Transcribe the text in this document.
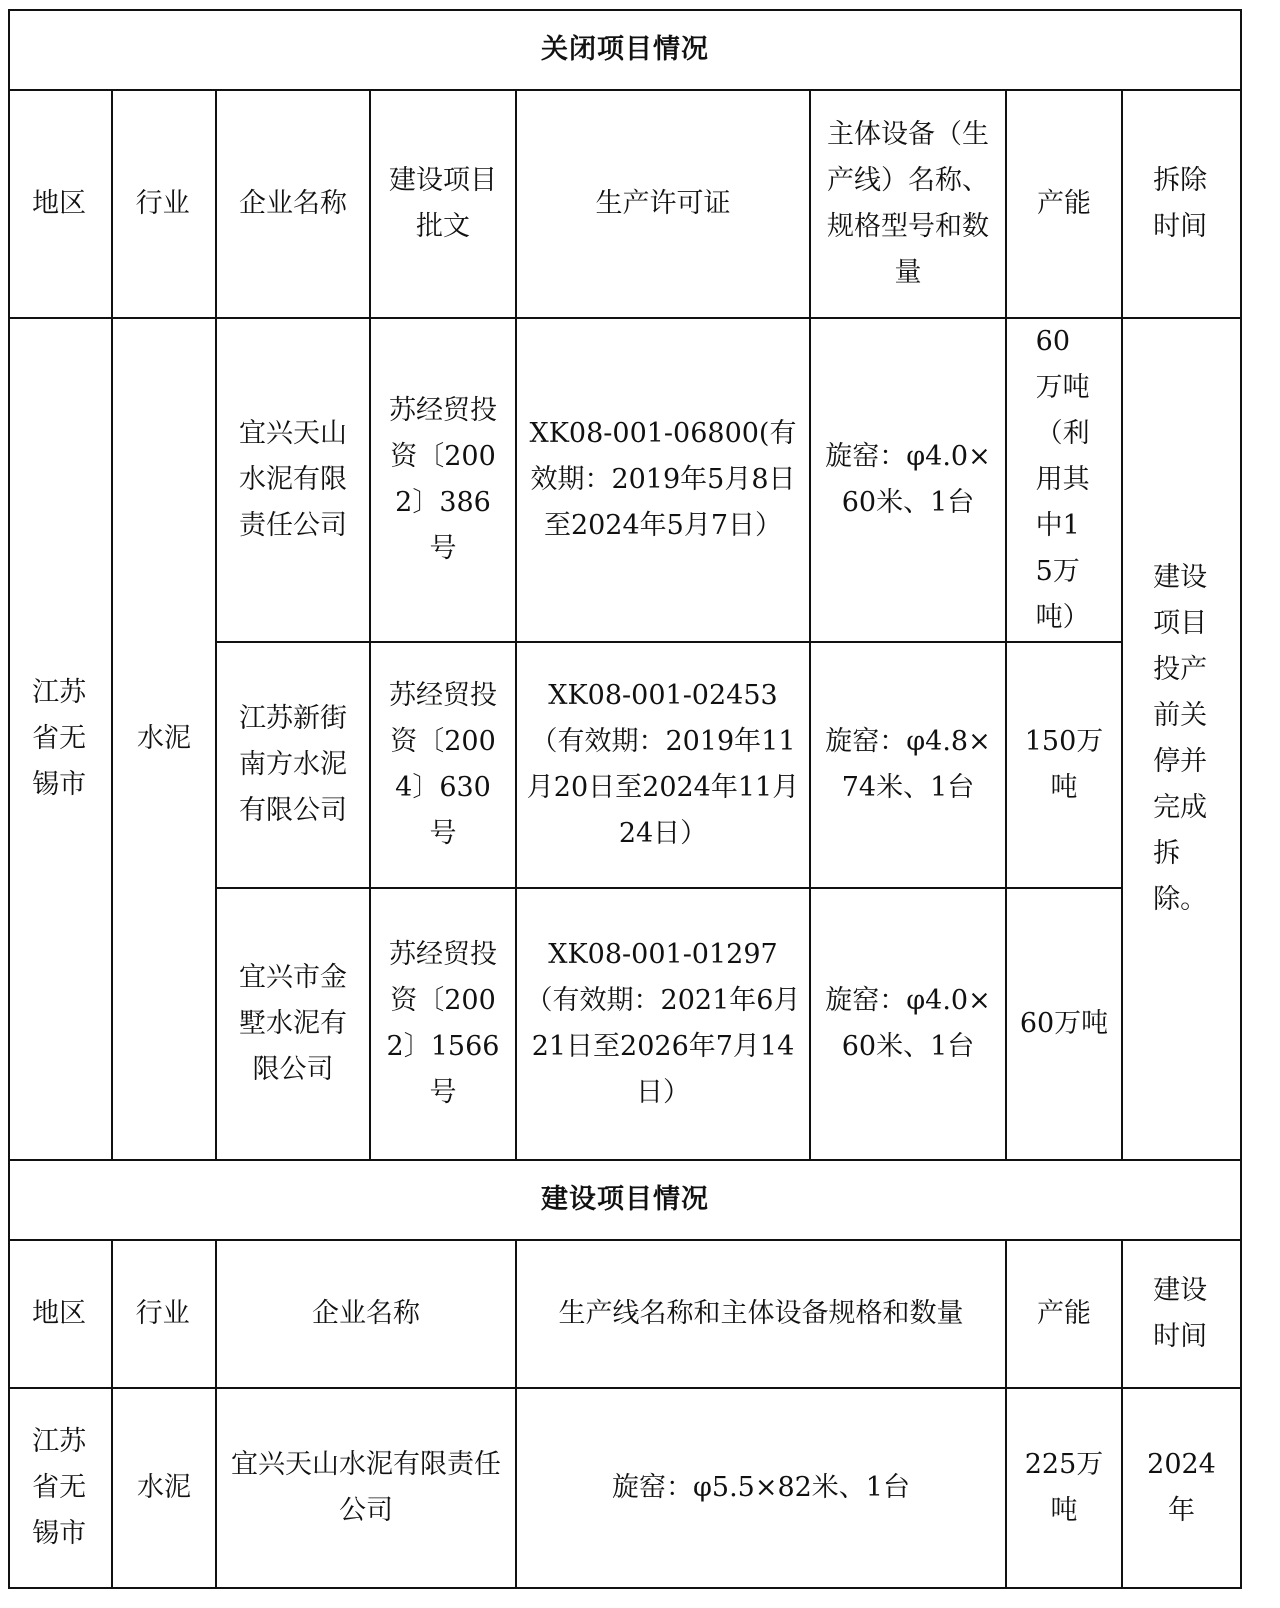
关闭项目情况							
地区	行业	企业名称	建设项目批文	生产许可证	主体设备（生产线）名称、规格型号和数量	产能	拆除时间
江苏省无锡市	水泥	宜兴天山水泥有限责任公司	苏经贸投资〔2002〕386号	XK08-001-06800(有效期：2019年5月8日至2024年5月7日）	旋窑：φ4.0×60米、1台	60万吨（利用其中15万吨）	建设项目投产前关停并完成拆除。
		江苏新街南方水泥有限公司	苏经贸投资〔2004〕630号	XK08-001-02453（有效期：2019年11月20日至2024年11月24日）	旋窑：φ4.8×74米、1台	150万吨	
		宜兴市金墅水泥有限公司	苏经贸投资〔2002〕1566号	XK08-001-01297（有效期：2021年6月21日至2026年7月14日）	旋窑：φ4.0×60米、1台	60万吨	
建设项目情况							
地区	行业	企业名称		生产线名称和主体设备规格和数量		产能	建设时间
江苏省无锡市	水泥	宜兴天山水泥有限责任公司		旋窑：φ5.5×82米、1台		225万吨	2024年
